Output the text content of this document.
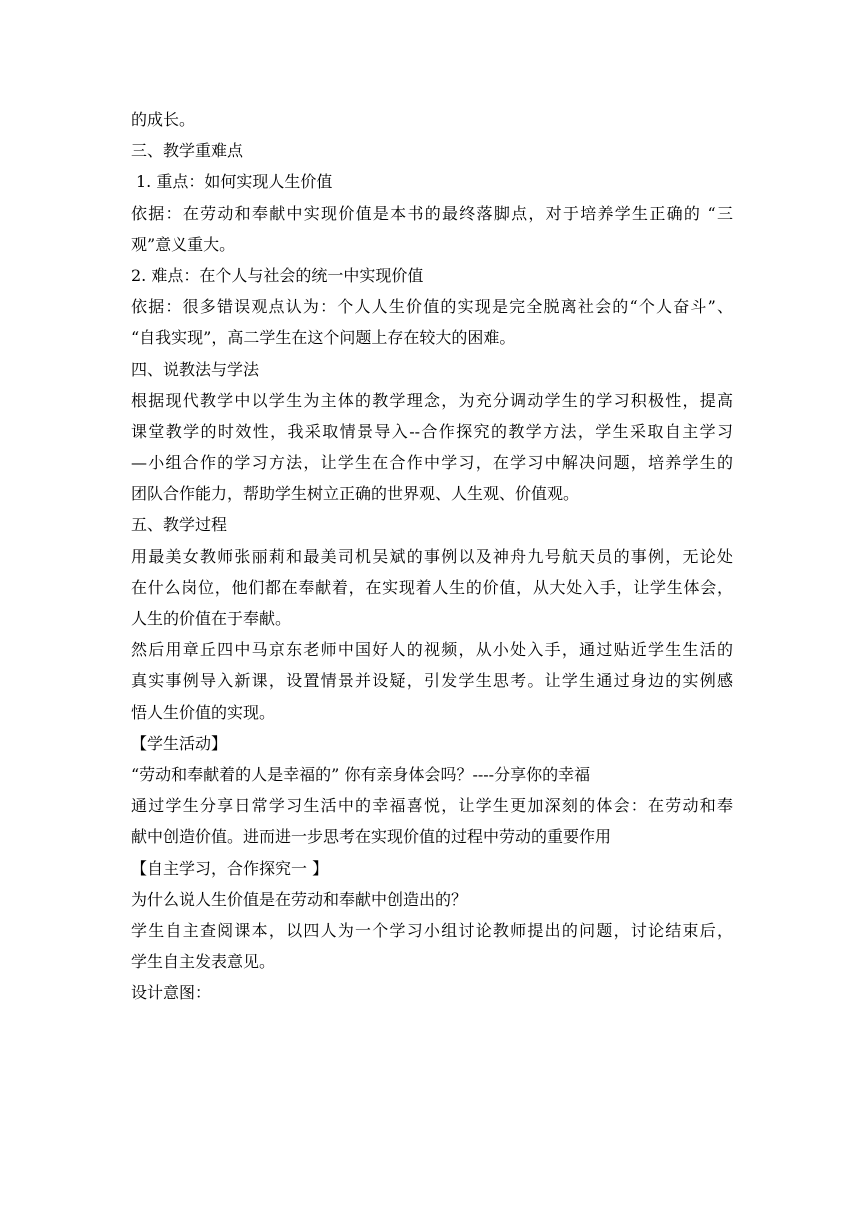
的成长。
三、教学重难点
1. 重点：如何实现人生价值
依据：在劳动和奉献中实现价值是本书的最终落脚点，对于培养学生正确的 “三
观”意义重大。
2. 难点：在个人与社会的统一中实现价值
依据：很多错误观点认为：个人人生价值的实现是完全脱离社会的“个人奋斗”、
“自我实现”，高二学生在这个问题上存在较大的困难。
四、说教法与学法
根据现代教学中以学生为主体的教学理念，为充分调动学生的学习积极性，提高
课堂教学的时效性，我采取情景导入--合作探究的教学方法，学生采取自主学习
—小组合作的学习方法，让学生在合作中学习，在学习中解决问题，培养学生的
团队合作能力，帮助学生树立正确的世界观、人生观、价值观。
五、教学过程
用最美女教师张丽莉和最美司机吴斌的事例以及神舟九号航天员的事例，无论处
在什么岗位，他们都在奉献着，在实现着人生的价值，从大处入手，让学生体会，
人生的价值在于奉献。
然后用章丘四中马京东老师中国好人的视频，从小处入手，通过贴近学生生活的
真实事例导入新课，设置情景并设疑，引发学生思考。让学生通过身边的实例感
悟人生价值的实现。
【学生活动】
“劳动和奉献着的人是幸福的” 你有亲身体会吗？----分享你的幸福
通过学生分享日常学习生活中的幸福喜悦，让学生更加深刻的体会：在劳动和奉
献中创造价值。进而进一步思考在实现价值的过程中劳动的重要作用
【自主学习，合作探究一 】
为什么说人生价值是在劳动和奉献中创造出的？
学生自主查阅课本，以四人为一个学习小组讨论教师提出的问题，讨论结束后，
学生自主发表意见。
设计意图：
